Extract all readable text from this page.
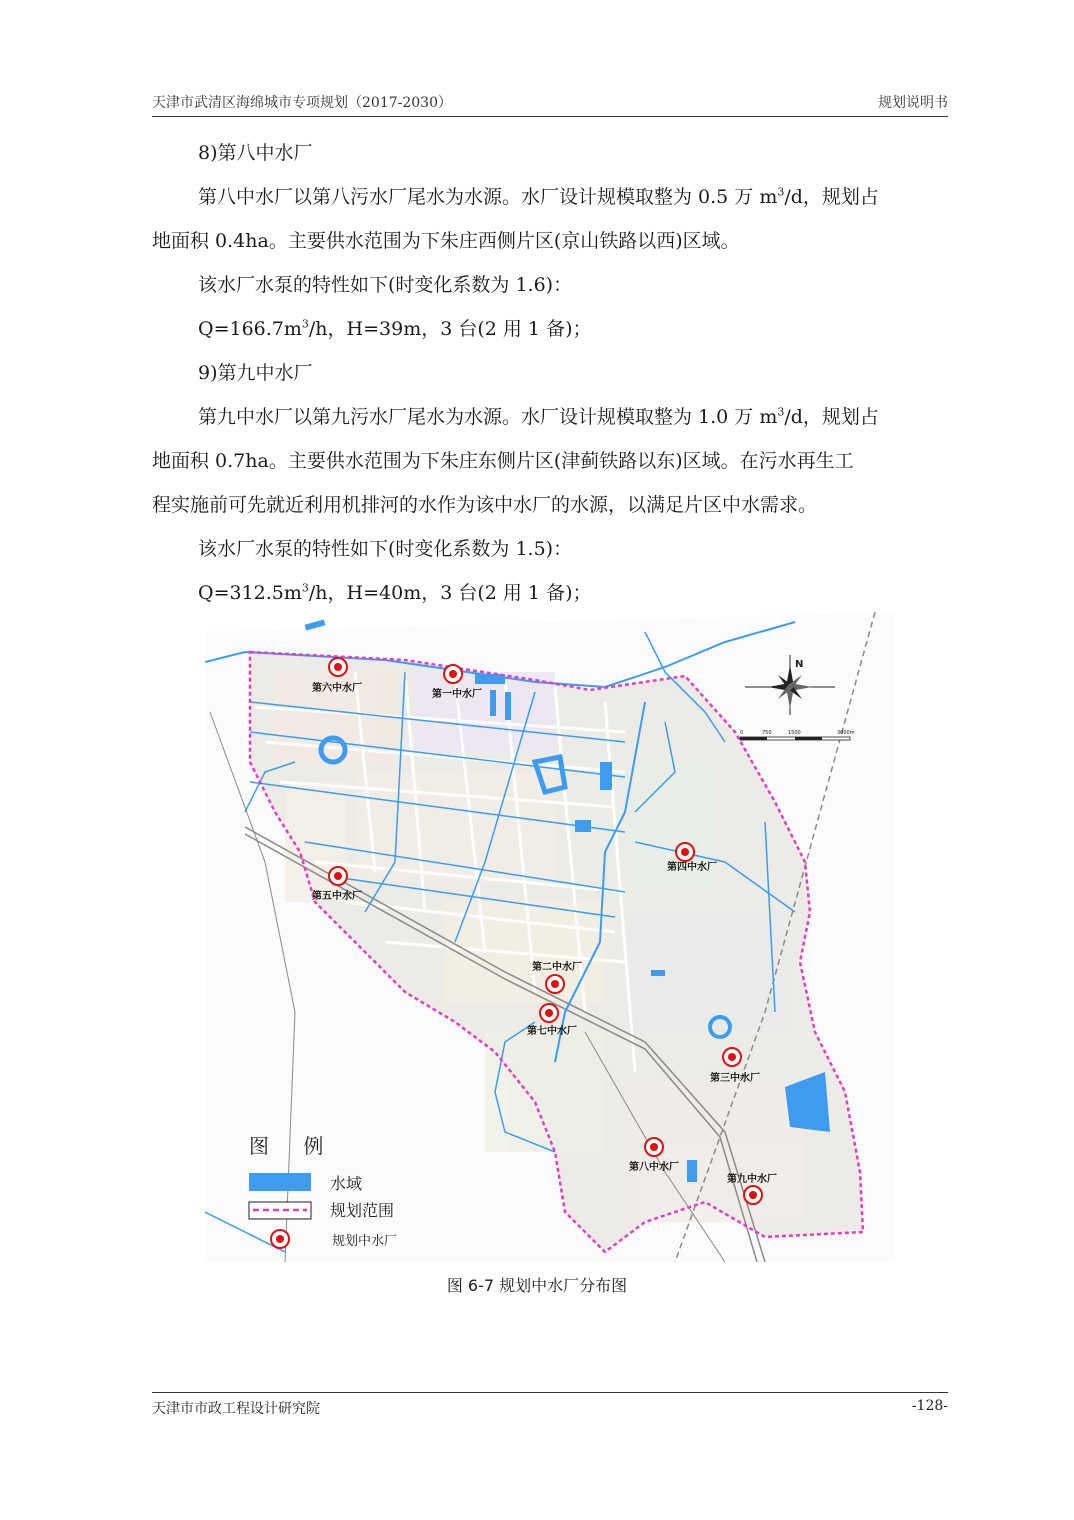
天津市武清区海绵城市专项规划（2017-2030）	规划说明书
8)第八中水厂
第八中水厂以第八污水厂尾水为水源。水厂设计规模取整为 0.5 万 $m^3/d$，规划占
地面积 0.4ha。主要供水范围为下朱庄西侧片区(京山铁路以西)区域。
该水厂水泵的特性如下(时变化系数为 1.6)：
$Q=166.7m^3/h$，H=39m，3 台(2 用 1 备)；
9)第九中水厂
第九中水厂以第九污水厂尾水为水源。水厂设计规模取整为 1.0 万 $m^3/d$，规划占
地面积 0.7ha。主要供水范围为下朱庄东侧片区(津蓟铁路以东)区域。在污水再生工
程实施前可先就近利用机排河的水作为该中水厂的水源，以满足片区中水需求。
该水厂水泵的特性如下(时变化系数为 1.5)：
$Q=312.5m^3/h$，H=40m，3 台(2 用 1 备)；
N
0	750	1500	3000m
第六中水厂
第一中水厂
第四中水厂
第五中水厂
第二中水厂
第七中水厂
第三中水厂
第八中水厂
第九中水厂
图 例
水域
规划范围
规划中水厂
图 6-7 规划中水厂分布图
天津市市政工程设计研究院	-128-
